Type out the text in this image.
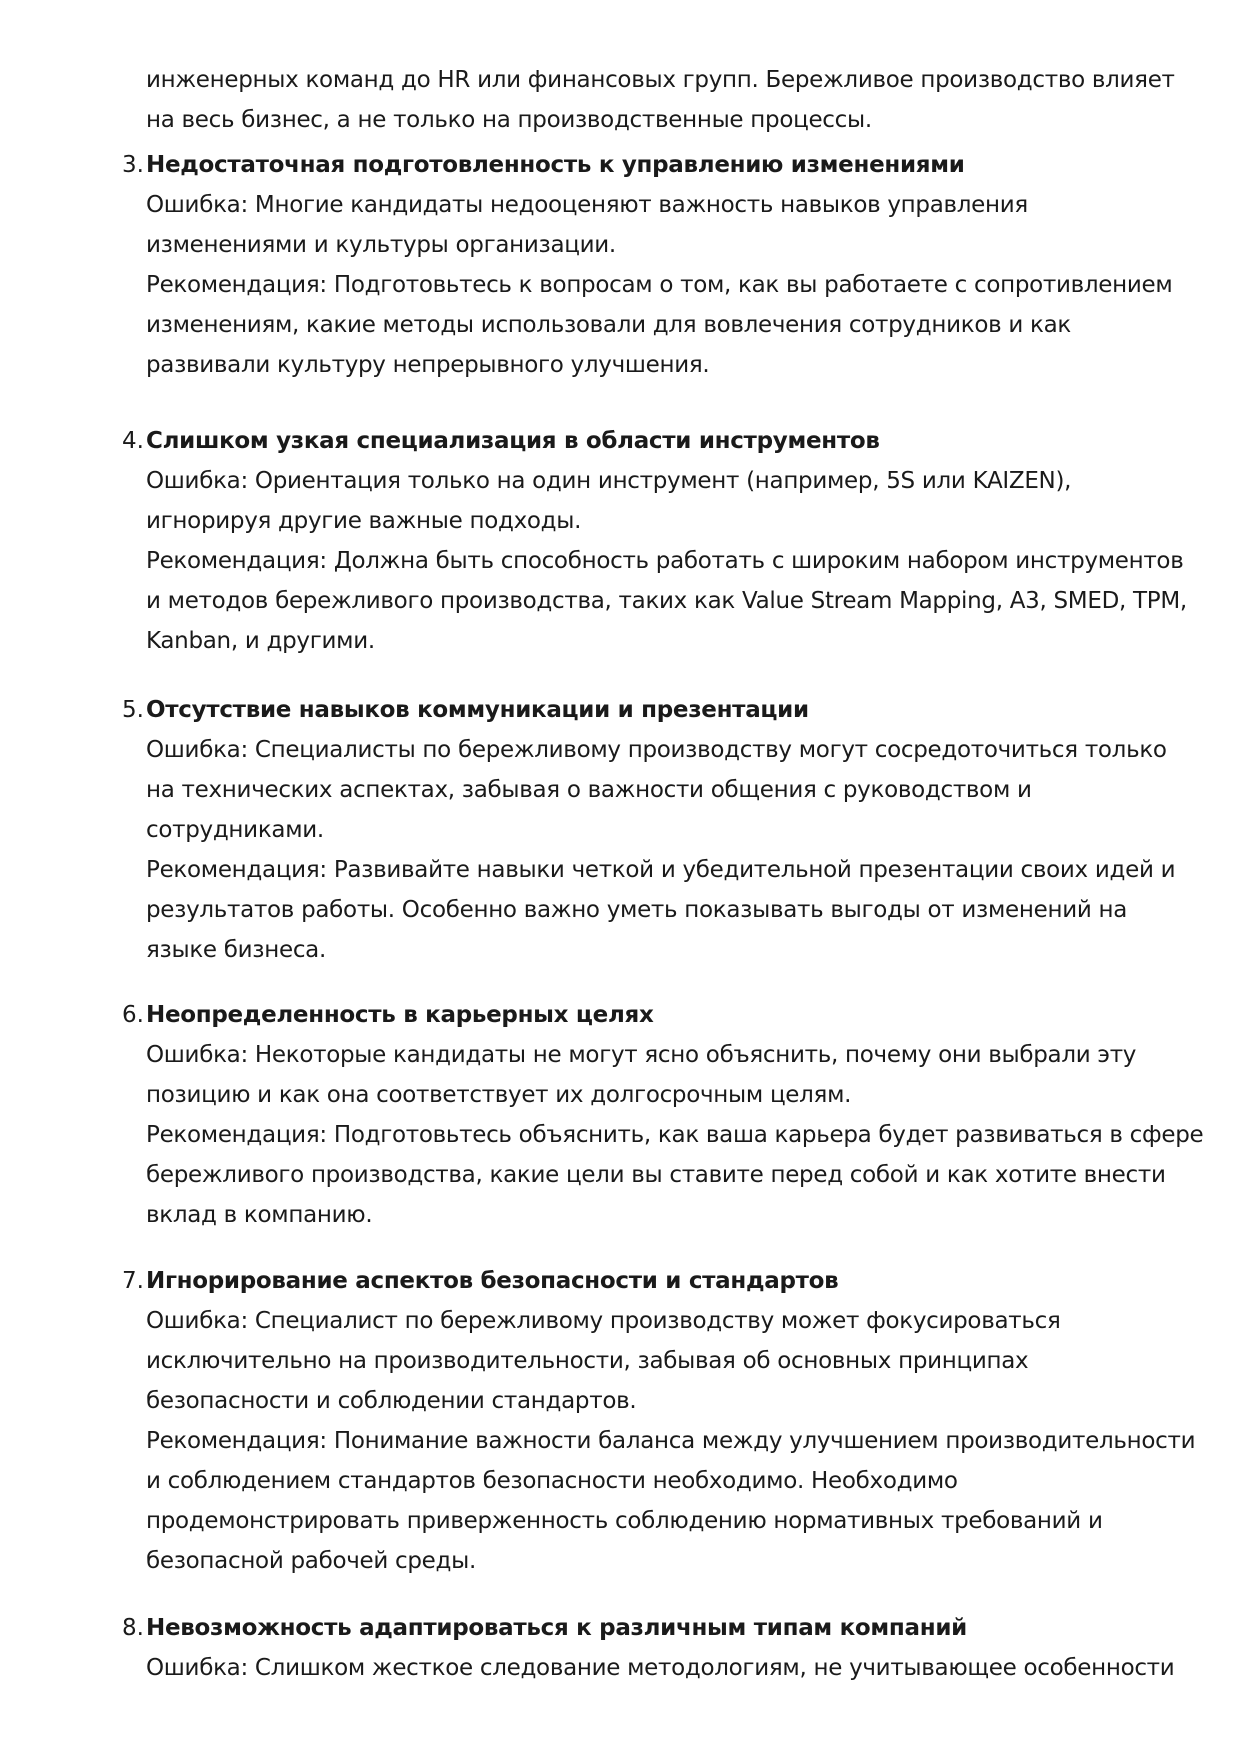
инженерных команд до HR или финансовых групп. Бережливое производство влияет
на весь бизнес, а не только на производственные процессы.
3. Недостаточная подготовленность к управлению изменениями
Ошибка: Многие кандидаты недооценяют важность навыков управления
изменениями и культуры организации.
Рекомендация: Подготовьтесь к вопросам о том, как вы работаете с сопротивлением
изменениям, какие методы использовали для вовлечения сотрудников и как
развивали культуру непрерывного улучшения.
4. Слишком узкая специализация в области инструментов
Ошибка: Ориентация только на один инструмент (например, 5S или KAIZEN),
игнорируя другие важные подходы.
Рекомендация: Должна быть способность работать с широким набором инструментов
и методов бережливого производства, таких как Value Stream Mapping, A3, SMED, TPM,
Kanban, и другими.
5. Отсутствие навыков коммуникации и презентации
Ошибка: Специалисты по бережливому производству могут сосредоточиться только
на технических аспектах, забывая о важности общения с руководством и
сотрудниками.
Рекомендация: Развивайте навыки четкой и убедительной презентации своих идей и
результатов работы. Особенно важно уметь показывать выгоды от изменений на
языке бизнеса.
6. Неопределенность в карьерных целях
Ошибка: Некоторые кандидаты не могут ясно объяснить, почему они выбрали эту
позицию и как она соответствует их долгосрочным целям.
Рекомендация: Подготовьтесь объяснить, как ваша карьера будет развиваться в сфере
бережливого производства, какие цели вы ставите перед собой и как хотите внести
вклад в компанию.
7. Игнорирование аспектов безопасности и стандартов
Ошибка: Специалист по бережливому производству может фокусироваться
исключительно на производительности, забывая об основных принципах
безопасности и соблюдении стандартов.
Рекомендация: Понимание важности баланса между улучшением производительности
и соблюдением стандартов безопасности необходимо. Необходимо
продемонстрировать приверженность соблюдению нормативных требований и
безопасной рабочей среды.
8. Невозможность адаптироваться к различным типам компаний
Ошибка: Слишком жесткое следование методологиям, не учитывающее особенности
